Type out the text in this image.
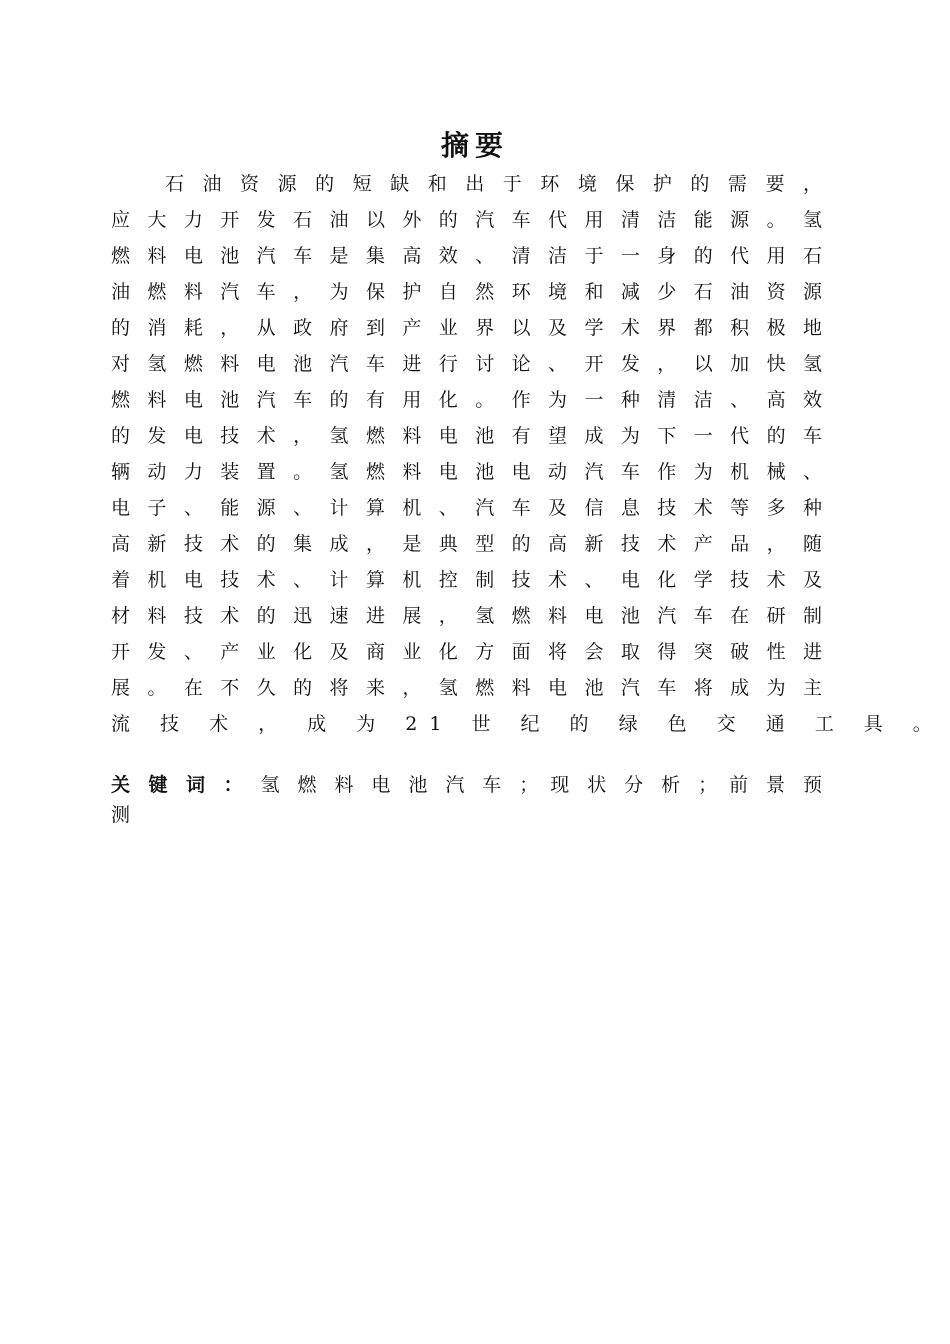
摘要
石 油 资 源 的 短 缺 和 出 于 环 境 保 护 的 需 要 ，
应 大 力 开 发 石 油 以 外 的 汽 车 代 用 清 洁 能 源 。 氢
燃 料 电 池 汽 车 是 集 高 效 、 清 洁 于 一 身 的 代 用 石
油 燃 料 汽 车 ， 为 保 护 自 然 环 境 和 减 少 石 油 资 源
的 消 耗 ， 从 政 府 到 产 业 界 以 及 学 术 界 都 积 极 地
对 氢 燃 料 电 池 汽 车 进 行 讨 论 、 开 发 ， 以 加 快 氢
燃 料 电 池 汽 车 的 有 用 化 。 作 为 一 种 清 洁 、 高 效
的 发 电 技 术 ， 氢 燃 料 电 池 有 望 成 为 下 一 代 的 车
辆 动 力 装 置 。 氢 燃 料 电 池 电 动 汽 车 作 为 机 械 、
电 子 、 能 源 、 计 算 机 、 汽 车 及 信 息 技 术 等 多 种
高 新 技 术 的 集 成 ， 是 典 型 的 高 新 技 术 产 品 ， 随
着 机 电 技 术 、 计 算 机 控 制 技 术 、 电 化 学 技 术 及
材 料 技 术 的 迅 速 进 展 ， 氢 燃 料 电 池 汽 车 在 研 制
开 发 、 产 业 化 及 商 业 化 方 面 将 会 取 得 突 破 性 进
展 。 在 不 久 的 将 来 ， 氢 燃 料 电 池 汽 车 将 成 为 主
流 技 术 ， 成 为 21 世 纪 的 绿 色 交 通 工 具 。
关 键 词 ： 氢 燃 料 电 池 汽 车 ； 现 状 分 析 ； 前 景 预
测
